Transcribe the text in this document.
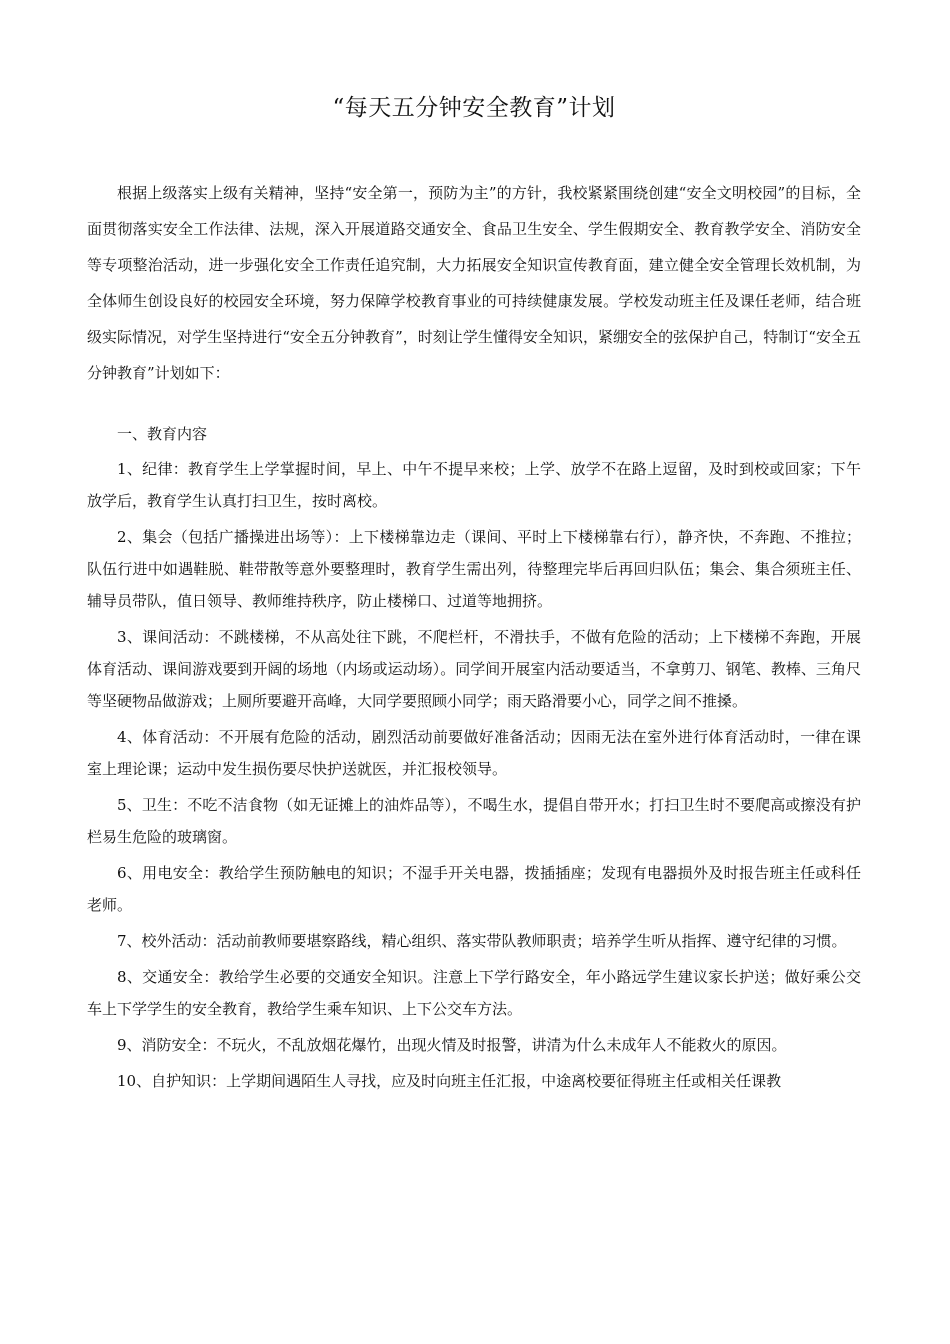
“每天五分钟安全教育”计划

根据上级落实上级有关精神，坚持“安全第一，预防为主”的方针，我校紧紧围绕创建“安全文明校园”的目标，全面贯彻落实安全工作法律、法规，深入开展道路交通安全、食品卫生安全、学生假期安全、教育教学安全、消防安全等专项整治活动，进一步强化安全工作责任追究制，大力拓展安全知识宣传教育面，建立健全安全管理长效机制，为全体师生创设良好的校园安全环境，努力保障学校教育事业的可持续健康发展。学校发动班主任及课任老师，结合班级实际情况，对学生坚持进行“安全五分钟教育”，时刻让学生懂得安全知识，紧绷安全的弦保护自己，特制订“安全五分钟教育”计划如下：

一、教育内容

1、纪律：教育学生上学掌握时间，早上、中午不提早来校；上学、放学不在路上逗留，及时到校或回家；下午放学后，教育学生认真打扫卫生，按时离校。

2、集会（包括广播操进出场等）：上下楼梯靠边走（课间、平时上下楼梯靠右行），静齐快，不奔跑、不推拉；队伍行进中如遇鞋脱、鞋带散等意外要整理时，教育学生需出列，待整理完毕后再回归队伍；集会、集合须班主任、辅导员带队，值日领导、教师维持秩序，防止楼梯口、过道等地拥挤。

3、课间活动：不跳楼梯，不从高处往下跳，不爬栏杆，不滑扶手，不做有危险的活动；上下楼梯不奔跑，开展体育活动、课间游戏要到开阔的场地（内场或运动场）。同学间开展室内活动要适当，不拿剪刀、钢笔、教棒、三角尺等坚硬物品做游戏；上厕所要避开高峰，大同学要照顾小同学；雨天路滑要小心，同学之间不推搡。

4、体育活动：不开展有危险的活动，剧烈活动前要做好准备活动；因雨无法在室外进行体育活动时，一律在课室上理论课；运动中发生损伤要尽快护送就医，并汇报校领导。

5、卫生：不吃不洁食物（如无证摊上的油炸品等），不喝生水，提倡自带开水；打扫卫生时不要爬高或擦没有护栏易生危险的玻璃窗。

6、用电安全：教给学生预防触电的知识；不湿手开关电器，拨插插座；发现有电器损外及时报告班主任或科任老师。

7、校外活动：活动前教师要堪察路线，精心组织、落实带队教师职责；培养学生听从指挥、遵守纪律的习惯。

8、交通安全：教给学生必要的交通安全知识。注意上下学行路安全，年小路远学生建议家长护送；做好乘公交车上下学学生的安全教育，教给学生乘车知识、上下公交车方法。

9、消防安全：不玩火，不乱放烟花爆竹，出现火情及时报警，讲清为什么未成年人不能救火的原因。

10、自护知识：上学期间遇陌生人寻找，应及时向班主任汇报，中途离校要征得班主任或相关任课教
